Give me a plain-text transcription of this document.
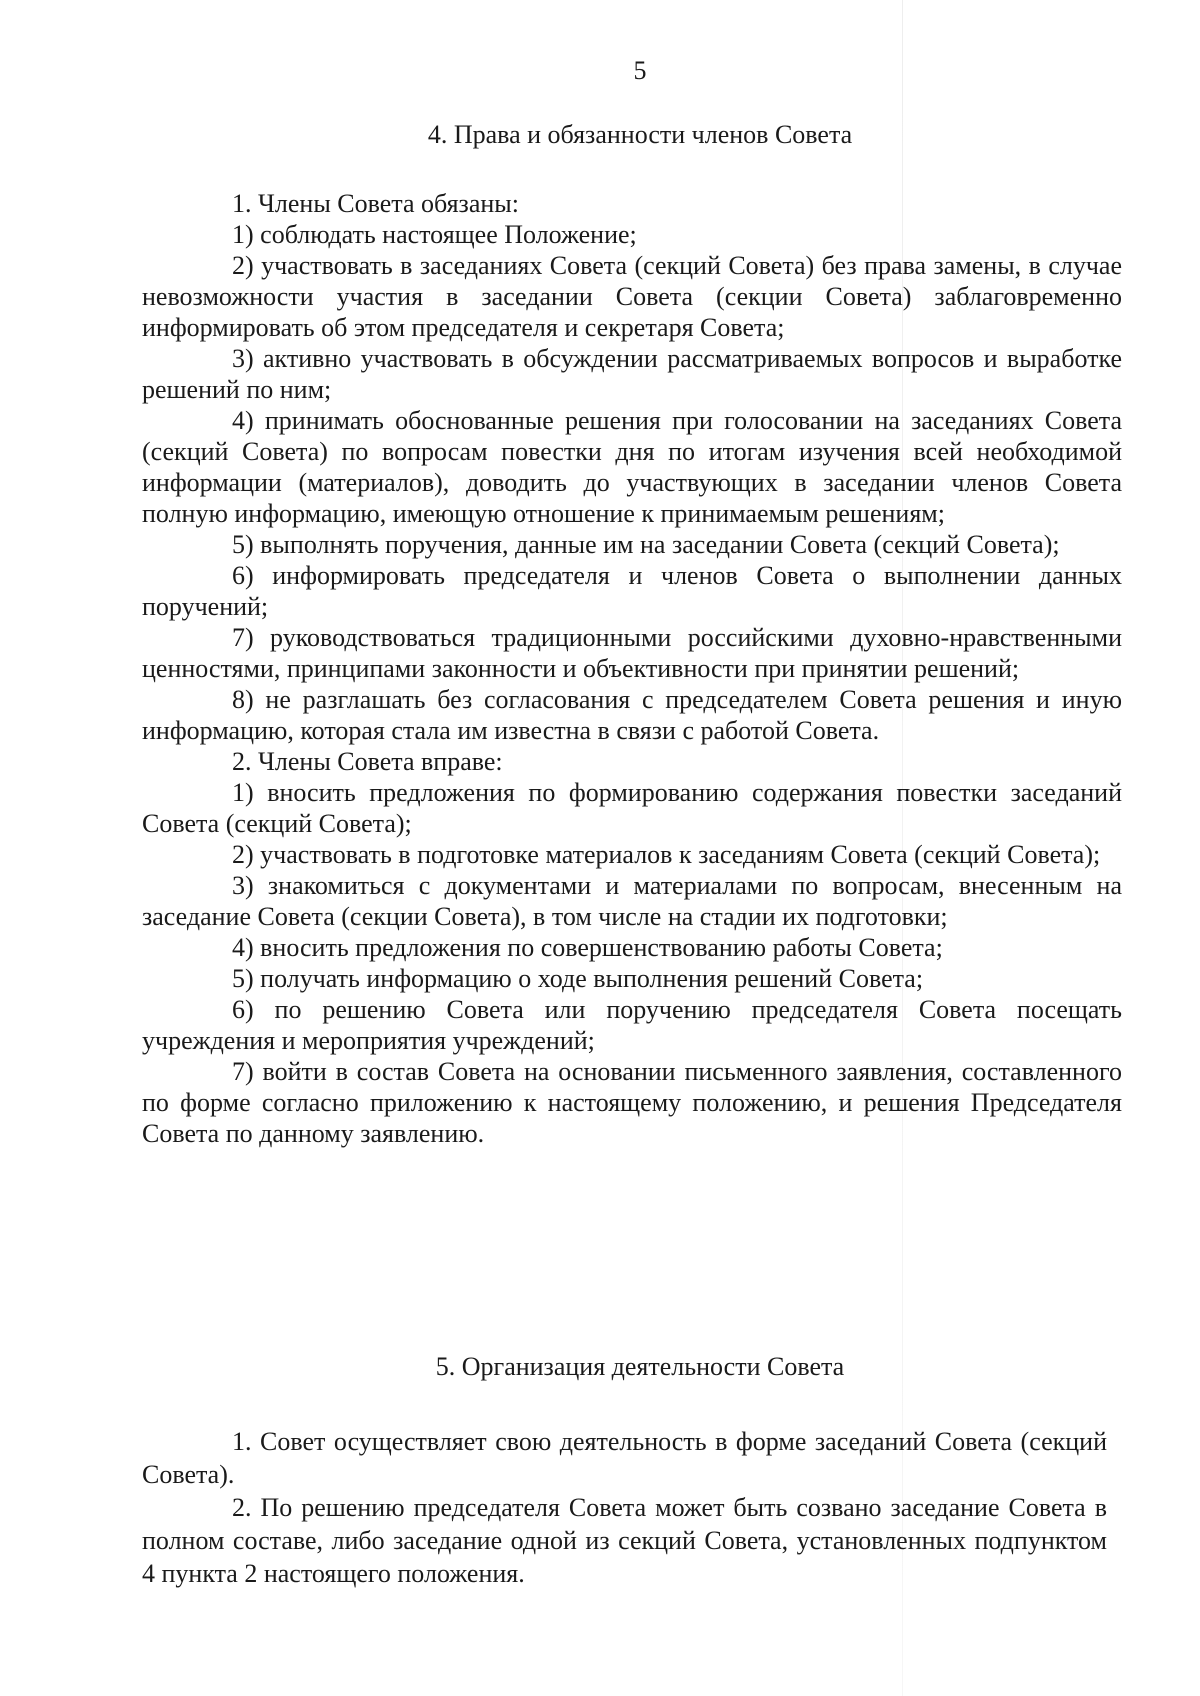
5
4. Права и обязанности членов Совета

1. Члены Совета обязаны:

1) соблюдать настоящее Положение;

2) участвовать в заседаниях Совета (секций Совета) без права замены, в случае невозможности участия в заседании Совета (секции Совета) заблаговременно информировать об этом председателя и секретаря Совета;

3) активно участвовать в обсуждении рассматриваемых вопросов и выработке решений по ним;

4) принимать обоснованные решения при голосовании на заседаниях Совета (секций Совета) по вопросам повестки дня по итогам изучения всей необходимой информации (материалов), доводить до участвующих в заседании членов Совета полную информацию, имеющую отношение к принимаемым решениям;

5) выполнять поручения, данные им на заседании Совета (секций Совета);

6) информировать председателя и членов Совета о выполнении данных поручений;

7) руководствоваться традиционными российскими духовно-нравственными ценностями, принципами законности и объективности при принятии решений;

8) не разглашать без согласования с председателем Совета решения и иную информацию, которая стала им известна в связи с работой Совета.

2. Члены Совета вправе:

1) вносить предложения по формированию содержания повестки заседаний Совета (секций Совета);

2) участвовать в подготовке материалов к заседаниям Совета (секций Совета);

3) знакомиться с документами и материалами по вопросам, внесенным на заседание Совета (секции Совета), в том числе на стадии их подготовки;

4) вносить предложения по совершенствованию работы Совета;

5) получать информацию о ходе выполнения решений Совета;

6) по решению Совета или поручению председателя Совета посещать учреждения и мероприятия учреждений;

7) войти в состав Совета на основании письменного заявления, составленного по форме согласно приложению к настоящему положению, и решения Председателя Совета по данному заявлению.

5. Организация деятельности Совета

1. Совет осуществляет свою деятельность в форме заседаний Совета (секций Совета).

2. По решению председателя Совета может быть созвано заседание Совета в полном составе, либо заседание одной из секций Совета, установленных подпунктом 4 пункта 2 настоящего положения.
